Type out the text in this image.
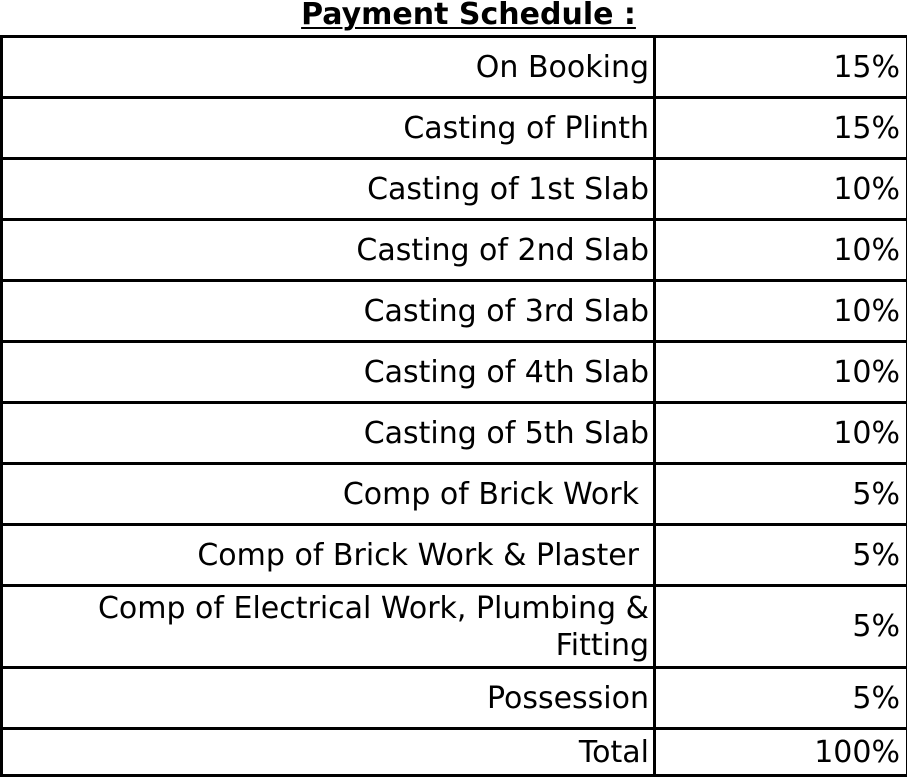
Payment Schedule :
On Booking	15%
Casting of Plinth	15%
Casting of 1st Slab	10%
Casting of 2nd Slab	10%
Casting of 3rd Slab	10%
Casting of 4th Slab	10%
Casting of 5th Slab	10%
Comp of Brick Work	5%
Comp of Brick Work & Plaster	5%
Comp of Electrical Work, Plumbing & Fitting	5%
Possession	5%
Total	100%
